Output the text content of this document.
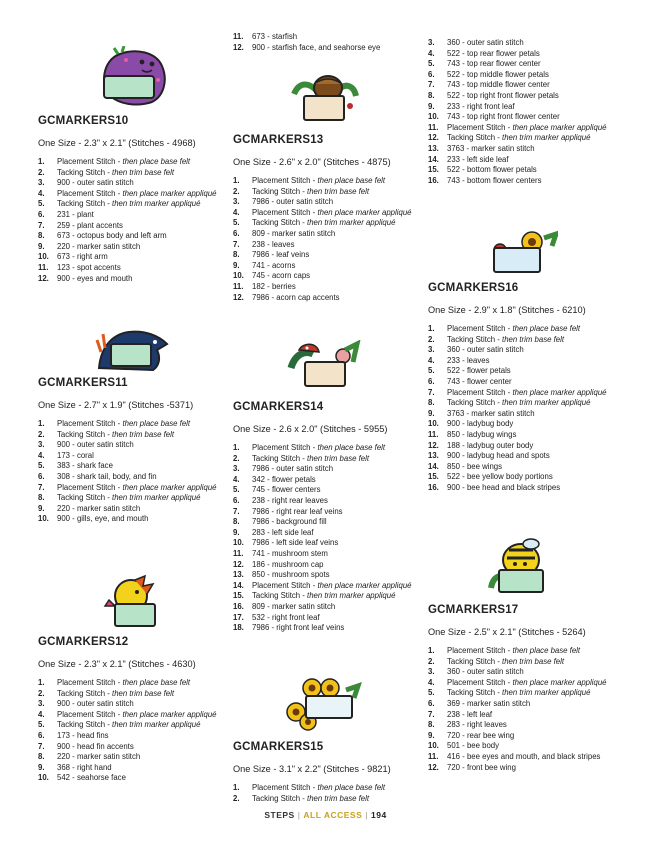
GCMARKERS10
One Size - 2.3" x 2.1" (Stitches - 4968)
1. Placement Stitch - then place base felt
2. Tacking Stitch - then trim base felt
3. 900 - outer satin stitch
4. Placement Stitch - then place marker appliqué
5. Tacking Stitch - then trim marker appliqué
6. 231 - plant
7. 259 - plant accents
8. 673 - octopus body and left arm
9. 220 - marker satin stitch
10. 673 - right arm
11. 123 - spot accents
12. 900 - eyes and mouth
GCMARKERS11
One Size - 2.7" x 1.9" (Stitches -5371)
1. Placement Stitch - then place base felt
2. Tacking Stitch - then trim base felt
3. 900 - outer satin stitch
4. 173 - coral
5. 383 - shark face
6. 308 - shark tail, body, and fin
7. Placement Stitch - then place marker appliqué
8. Tacking Stitch - then trim marker appliqué
9. 220 - marker satin stitch
10. 900 - gills, eye, and mouth
GCMARKERS12
One Size - 2.3" x 2.1" (Stitches - 4630)
1. Placement Stitch - then place base felt
2. Tacking Stitch - then trim base felt
3. 900 - outer satin stitch
4. Placement Stitch - then place marker appliqué
5. Tacking Stitch - then trim marker appliqué
6. 173 - head fins
7. 900 - head fin accents
8. 220 - marker satin stitch
9. 368 - right hand
10. 542 - seahorse face
11. 673 - starfish
12. 900 - starfish face, and seahorse eye
GCMARKERS13
One Size - 2.6" x 2.0" (Stitches - 4875)
1. Placement Stitch - then place base felt
2. Tacking Stitch - then trim base felt
3. 7986 - outer satin stitch
4. Placement Stitch - then place marker appliqué
5. Tacking Stitch - then trim marker appliqué
6. 809 - marker satin stitch
7. 238 - leaves
8. 7986 - leaf veins
9. 741 - acorns
10. 745 - acorn caps
11. 182 - berries
12. 7986 - acorn cap accents
GCMARKERS14
One Size - 2.6 x 2.0" (Stitches - 5955)
1. Placement Stitch - then place base felt
2. Tacking Stitch - then trim base felt
3. 7986 - outer satin stitch
4. 342 - flower petals
5. 745 - flower centers
6. 238 - right rear leaves
7. 7986 - right rear leaf veins
8. 7986 - background fill
9. 283 - left side leaf
10. 7986 - left side leaf veins
11. 741 - mushroom stem
12. 186 - mushroom cap
13. 850 - mushroom spots
14. Placement Stitch - then place marker appliqué
15. Tacking Stitch - then trim marker appliqué
16. 809 - marker satin stitch
17. 532 - right front leaf
18. 7986 - right front leaf veins
GCMARKERS15
One Size - 3.1" x 2.2" (Stitches - 9821)
1. Placement Stitch - then place base felt
2. Tacking Stitch - then trim base felt
3. 360 - outer satin stitch
4. 522 - top rear flower petals
5. 743 - top rear flower center
6. 522 - top middle flower petals
7. 743 - top middle flower center
8. 522 - top right front flower petals
9. 233 - right front leaf
10. 743 - top right front flower center
11. Placement Stitch - then place marker appliqué
12. Tacking Stitch - then trim marker appliqué
13. 3763 - marker satin stitch
14. 233 - left side leaf
15. 522 - bottom flower petals
16. 743 - bottom flower centers
GCMARKERS16
One Size - 2.9" x 1.8" (Stitches - 6210)
1. Placement Stitch - then place base felt
2. Tacking Stitch - then trim base felt
3. 360 - outer satin stitch
4. 233 - leaves
5. 522 - flower petals
6. 743 - flower center
7. Placement Stitch - then place marker appliqué
8. Tacking Stitch - then trim marker appliqué
9. 3763 - marker satin stitch
10. 900 - ladybug body
11. 850 - ladybug wings
12. 188 - ladybug outer body
13. 900 - ladybug head and spots
14. 850 - bee wings
15. 522 - bee yellow body portions
16. 900 - bee head and black stripes
GCMARKERS17
One Size - 2.5" x 2.1" (Stitches - 5264)
1. Placement Stitch - then place base felt
2. Tacking Stitch - then trim base felt
3. 360 - outer satin stitch
4. Placement Stitch - then place marker appliqué
5. Tacking Stitch - then trim marker appliqué
6. 369 - marker satin stitch
7. 238 - left leaf
8. 283 - right leaves
9. 720 - rear bee wing
10. 501 - bee body
11. 416 - bee eyes and mouth, and black stripes
12. 720 - front bee wing
STEPS | ALL ACCESS | 194
